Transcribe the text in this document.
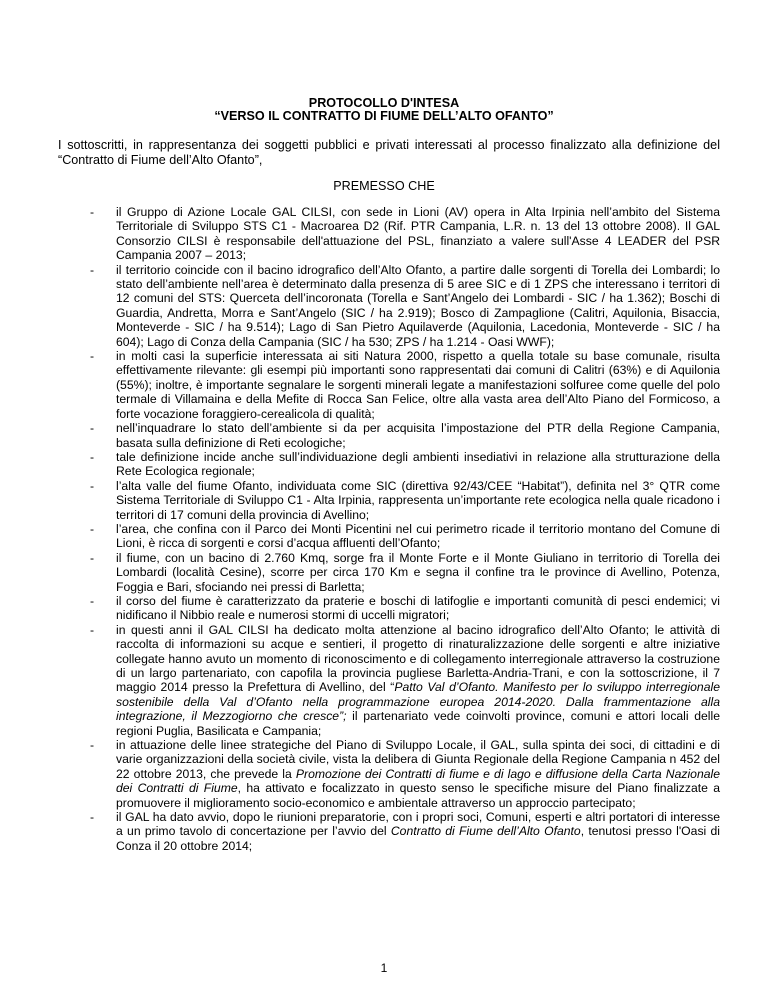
PROTOCOLLO D'INTESA

“VERSO IL CONTRATTO DI FIUME DELL’ALTO OFANTO”

I sottoscritti, in rappresentanza dei soggetti pubblici e privati interessati al processo finalizzato alla definizione del “Contratto di Fiume dell’Alto Ofanto”,

PREMESSO CHE

- il Gruppo di Azione Locale GAL CILSI, con sede in Lioni (AV) opera in Alta Irpinia nell’ambito del Sistema Territoriale di Sviluppo STS C1 - Macroarea D2 (Rif. PTR Campania, L.R. n. 13 del 13 ottobre 2008). Il GAL Consorzio CILSI è responsabile dell'attuazione del PSL, finanziato a valere sull'Asse 4 LEADER del PSR Campania 2007 – 2013;
- il territorio coincide con il bacino idrografico dell’Alto Ofanto, a partire dalle sorgenti di Torella dei Lombardi; lo stato dell’ambiente nell’area è determinato dalla presenza di 5 aree SIC e di 1 ZPS che interessano i territori di 12 comuni del STS: Querceta dell’incoronata (Torella e Sant’Angelo dei Lombardi - SIC / ha 1.362); Boschi di Guardia, Andretta, Morra e Sant’Angelo (SIC / ha 2.919); Bosco di Zampaglione (Calitri, Aquilonia, Bisaccia, Monteverde - SIC / ha 9.514); Lago di San Pietro Aquilaverde (Aquilonia, Lacedonia, Monteverde - SIC / ha 604); Lago di Conza della Campania (SIC / ha 530; ZPS / ha 1.214 - Oasi WWF);
- in molti casi la superficie interessata ai siti Natura 2000, rispetto a quella totale su base comunale, risulta effettivamente rilevante: gli esempi più importanti sono rappresentati dai comuni di Calitri (63%) e di Aquilonia (55%); inoltre, è importante segnalare le sorgenti minerali legate a manifestazioni solfuree come quelle del polo termale di Villamaina e della Mefite di Rocca San Felice, oltre alla vasta area dell’Alto Piano del Formicoso, a forte vocazione foraggiero-cerealicola di qualità;
- nell’inquadrare lo stato dell’ambiente si da per acquisita l’impostazione del PTR della Regione Campania, basata sulla definizione di Reti ecologiche;
- tale definizione incide anche sull’individuazione degli ambienti insediativi in relazione alla strutturazione della Rete Ecologica regionale;
- l’alta valle del fiume Ofanto, individuata come SIC (direttiva 92/43/CEE “Habitat”), definita nel 3° QTR come Sistema Territoriale di Sviluppo C1 - Alta Irpinia, rappresenta un’importante rete ecologica nella quale ricadono i territori di 17 comuni della provincia di Avellino;
- l’area, che confina con il Parco dei Monti Picentini nel cui perimetro ricade il territorio montano del Comune di Lioni, è ricca di sorgenti e corsi d’acqua affluenti dell’Ofanto;
- il fiume, con un bacino di 2.760 Kmq, sorge fra il Monte Forte e il Monte Giuliano in territorio di Torella dei Lombardi (località Cesine), scorre per circa 170 Km e segna il confine tra le province di Avellino, Potenza, Foggia e Bari, sfociando nei pressi di Barletta;
- il corso del fiume è caratterizzato da praterie e boschi di latifoglie e importanti comunità di pesci endemici; vi nidificano il Nibbio reale e numerosi stormi di uccelli migratori;
- in questi anni il GAL CILSI ha dedicato molta attenzione al bacino idrografico dell’Alto Ofanto; le attività di raccolta di informazioni su acque e sentieri, il progetto di rinaturalizzazione delle sorgenti e altre iniziative collegate hanno avuto un momento di riconoscimento e di collegamento interregionale attraverso la costruzione di un largo partenariato, con capofila la provincia pugliese Barletta-Andria-Trani, e con la sottoscrizione, il 7 maggio 2014 presso la Prefettura di Avellino, del “Patto Val d’Ofanto. Manifesto per lo sviluppo interregionale sostenibile della Val d’Ofanto nella programmazione europea 2014-2020. Dalla frammentazione alla integrazione, il Mezzogiorno che cresce”; il partenariato vede coinvolti province, comuni e attori locali delle regioni Puglia, Basilicata e Campania;
- in attuazione delle linee strategiche del Piano di Sviluppo Locale, il GAL, sulla spinta dei soci, di cittadini e di varie organizzazioni della società civile, vista la delibera di Giunta Regionale della Regione Campania n 452 del 22 ottobre 2013, che prevede la Promozione dei Contratti di fiume e di lago e diffusione della Carta Nazionale dei Contratti di Fiume, ha attivato e focalizzato in questo senso le specifiche misure del Piano finalizzate a promuovere il miglioramento socio-economico e ambientale attraverso un approccio partecipato;
- il GAL ha dato avvio, dopo le riunioni preparatorie, con i propri soci, Comuni, esperti e altri portatori di interesse a un primo tavolo di concertazione per l’avvio del Contratto di Fiume dell’Alto Ofanto, tenutosi presso l'Oasi di Conza il 20 ottobre 2014;

1
